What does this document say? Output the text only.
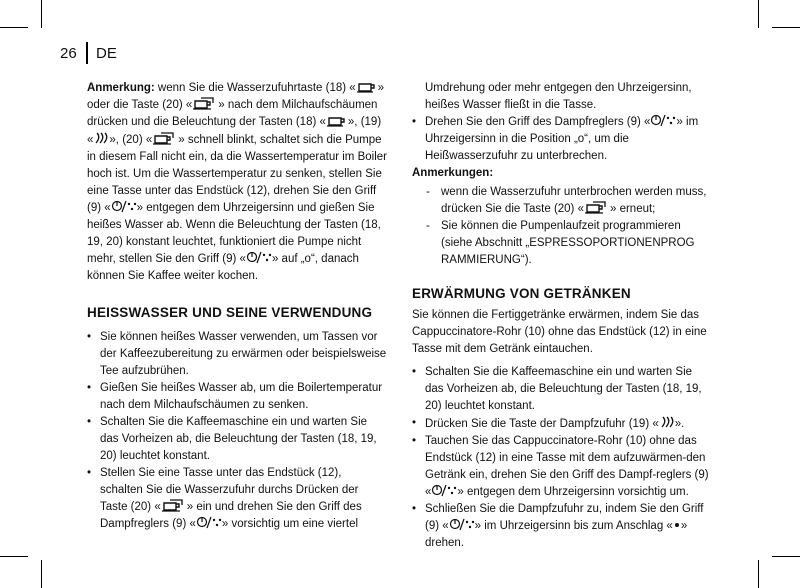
26 DE

Anmerkung: wenn Sie die Wasserzufuhrtaste (18) « » oder die Taste (20) « » nach dem Milchaufschäumen drücken und die Beleuchtung der Tasten (18) « », (19) « », (20) « » schnell blinkt, schaltet sich die Pumpe in diesem Fall nicht ein, da die Wassertemperatur im Boiler hoch ist. Um die Wassertemperatur zu senken, stellen Sie eine Tasse unter das Endstück (12), drehen Sie den Griff (9) « » entgegen dem Uhrzeigersinn und gießen Sie heißes Wasser ab. Wenn die Beleuchtung der Tasten (18, 19, 20) konstant leuchtet, funktioniert die Pumpe nicht mehr, stellen Sie den Griff (9) « » auf „o“, danach können Sie Kaffee weiter kochen.

HEISSWASSER UND SEINE VERWENDUNG
• Sie können heißes Wasser verwenden, um Tassen vor der Kaffeezubereitung zu erwärmen oder beispielsweise Tee aufzubrühen.
• Gießen Sie heißes Wasser ab, um die Boilertemperatur nach dem Milchaufschäumen zu senken.
• Schalten Sie die Kaffeemaschine ein und warten Sie das Vorheizen ab, die Beleuchtung der Tasten (18, 19, 20) leuchtet konstant.
• Stellen Sie eine Tasse unter das Endstück (12), schalten Sie die Wasserzufuhr durchs Drücken der Taste (20) « » ein und drehen Sie den Griff des Dampfreglers (9) « » vorsichtig um eine viertel

Umdrehung oder mehr entgegen den Uhrzeigersinn, heißes Wasser fließt in die Tasse.

• Drehen Sie den Griff des Dampfreglers (9) « » im Uhrzeigersinn in die Position „o“, um die Heißwasserzufuhr zu unterbrechen.

Anmerkungen:

- wenn die Wasserzufuhr unterbrochen werden muss, drücken Sie die Taste (20) « » erneut;
- Sie können die Pumpenlaufzeit programmieren (siehe Abschnitt „ESPRESSOPORTIONENPROG RAMMIERUNG“).
ERWÄRMUNG VON GETRÄNKEN

Sie können die Fertiggetränke erwärmen, indem Sie das Cappuccinatore-Rohr (10) ohne das Endstück (12) in eine Tasse mit dem Getränk eintauchen.

• Schalten Sie die Kaffeemaschine ein und warten Sie das Vorheizen ab, die Beleuchtung der Tasten (18, 19, 20) leuchtet konstant.
• Drücken Sie die Taste der Dampfzufuhr (19) « ».
• Tauchen Sie das Cappuccinatore-Rohr (10) ohne das Endstück (12) in eine Tasse mit dem aufzuwärmen-den Getränk ein, drehen Sie den Griff des Dampf-reglers (9) « » entgegen dem Uhrzeigersinn vorsichtig um.
• Schließen Sie die Dampfzufuhr zu, indem Sie den Griff (9) « » im Uhrzeigersinn bis zum Anschlag « » drehen.
